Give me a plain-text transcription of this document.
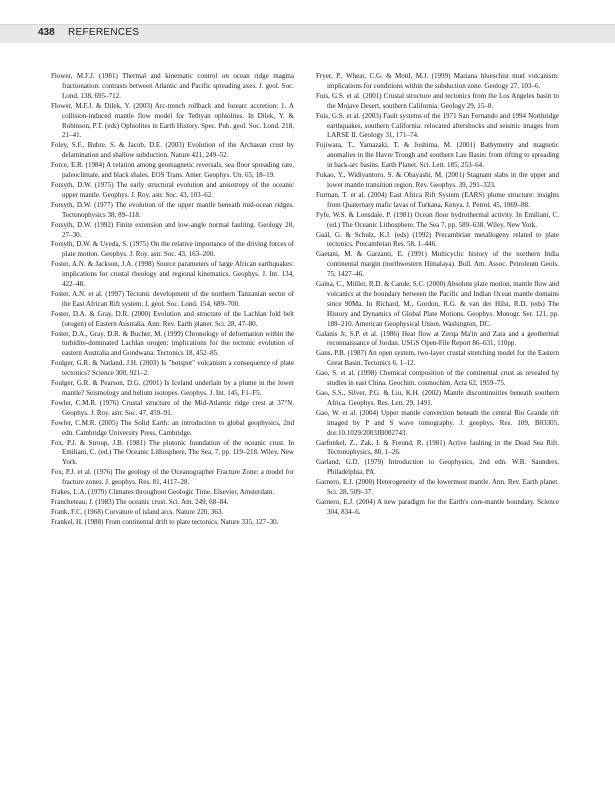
438 REFERENCES

Flower, M.F.J. (1981) Thermal and kinematic control on ocean ridge magma fractionation: contrasts between Atlantic and Pacific spreading axes. J. geol. Soc. Lond. 138, 695–712.

Flower, M.F.J. & Dilek, Y. (2003) Arc-trench rollback and forearc accretion: 1. A collision-induced mantle flow model for Tethyan ophiolites. In Dilek, Y. & Robinson, P.T. (eds) Ophiolites in Earth History. Spec. Pub. geol. Soc. Lond. 218, 21–41.

Foley, S.F., Buhre, S. & Jacob, D.E. (2003) Evolution of the Archaean crust by delamination and shallow subduction. Nature 421, 249–52.

Force, E.R. (1984) A relation among geomagnetic reversals, sea floor spreading rate, paleoclimate, and black shales. EOS Trans. Amer. Geophys. Un. 65, 18–19.

Forsyth, D.W. (1975) The early structural evolution and anisotropy of the oceanic upper mantle. Geophys. J. Roy. astr. Soc. 43, 103–62.

Forsyth, D.W. (1977) The evolution of the upper mantle beneath mid-ocean ridges. Tectonophysics 38, 89–118.

Forsyth, D.W. (1992) Finite extension and low-angle normal faulting. Geology 20, 27–30.

Forsyth, D.W. & Uyeda, S. (1975) On the relative importance of the driving forces of plate motion. Geophys. J. Roy. astr. Soc. 43, 163–200.

Foster, A.N. & Jackson, J.A. (1998) Source parameters of large African earthquakes: implications for crustal rheology and regional kinematics. Geophys. J. Int. 134, 422–48.

Foster, A.N. et al. (1997) Tectonic development of the northern Tanzanian sector of the East African Rift system. J. geol. Soc. Lond. 154, 689–700.

Foster, D.A. & Gray, D.R. (2000) Evolution and structure of the Lachlan fold belt (orogen) of Eastern Australia. Ann. Rev. Earth planet. Sci. 28, 47–80.

Foster, D.A., Gray, D.R. & Bucher, M. (1999) Chronology of deformation within the turbidite-dominated Lachlan orogen: implications for the tectonic evolution of eastern Australia and Gondwana. Tectonics 18, 452–85.

Foulger, G.R. & Natland, J.H. (2003) Is "hotspot" volcanism a consequence of plate tectonics? Science 300, 921–2.

Foulger, G.R. & Pearson, D.G. (2001) Is Iceland underlain by a plume in the lower mantle? Seismology and helium isotopes. Geophys. J. Int. 145, F1–F5.

Fowler, C.M.R. (1976) Crustal structure of the Mid-Atlantic ridge crest at 37°N. Geophys. J. Roy. astr. Soc. 47, 459–91.

Fowler, C.M.R. (2005) The Solid Earth: an introduction to global geophysics, 2nd edn. Cambridge University Press, Cambridge.

Fox, P.J. & Stroup, J.B. (1981) The plutonic foundation of the oceanic crust. In Emiliani, C. (ed.) The Oceanic Lithosphere, The Sea, 7, pp. 119–218. Wiley, New York.

Fox, P.J. et al. (1976) The geology of the Oceanographer Fracture Zone: a model for fracture zones. J. geophys. Res. 81, 4117–28.

Frakes, L.A. (1979) Climates throughout Geologic Time. Elsevier, Amsterdam.

Francheteau, J. (1983) The oceanic crust. Sci. Am. 249, 68–84.

Frank, F.C. (1968) Curvature of island arcs. Nature 220, 363.

Frankel, H. (1988) From continental drift to plate tectonics. Nature 335, 127–30.

Fryer, P., Wheat, C.G. & Mottl, M.J. (1999) Mariana blueschist mud volcanism: implications for conditions within the subduction zone. Geology 27, 103–6.

Fuis, G.S. et al. (2001) Crustal structure and tectonics from the Los Angeles basin to the Mojave Desert, southern California. Geology 29, 15–8.

Fuis, G.S. et al. (2003) Fault systems of the 1971 San Fernando and 1994 Northridge earthquakes, southern California: relocated aftershocks and seismic images from LARSE II. Geology 31, 171–74.

Fujiwara, T., Yamazaki, T. & Joshima, M. (2001) Bathymetry and magnetic anomalies in the Havre Trough and southern Lau Basin: from rifting to spreading in back-arc basins. Earth Planet. Sci. Lett. 185, 253–64.

Fukao, Y., Widiyantoro, S. & Obayashi, M. (2001) Stagnant slabs in the upper and lower mantle transition region. Rev. Geophys. 39, 291–323.

Furman, T. et al. (2004) East Africa Rift System (EARS) plume structure: insights from Quaternary mafic lavas of Turkana, Kenya. J. Petrol. 45, 1069–88.

Fyfe, W.S. & Lonsdale, P. (1981) Ocean floor hydrothermal activity. In Emiliani, C. (ed.) The Oceanic Lithosphere, The Sea 7, pp. 589–638. Wiley, New York.

Gaál, G. & Schulz, K.J. (eds) (1992) Precambrian metallogeny related to plate tectonics. Precambrian Res. 58, 1–446.

Gaetani, M. & Garzanti, E. (1991) Multicyclic history of the northern India continental margin (northwestern Himalaya). Bull. Am. Assoc. Petroleum Geols. 75, 1427–46.

Gaina, C., Müller, R.D. & Cande, S.C. (2000) Absolute plate motion, mantle flow and volcanics at the boundary between the Pacific and Indian Ocean mantle domains since 90Ma. In Richard, M., Gordon, R.G. & van der Hilst, R.D. (eds) The History and Dynamics of Global Plate Motions. Geophys. Monogr. Ser. 121, pp. 189–210. American Geophysical Union, Washington, DC.

Galanis Jr, S.P. et al. (1986) Heat flow at Zerqa Ma'in and Zara and a geothermal reconnaissance of Jordan. USGS Open-File Report 86–631, 110pp.

Gans, P.B. (1987) An open system, two-layer crustal stretching model for the Eastern Great Basin. Tectonics 6, 1–12.

Gao, S. et al. (1998) Chemical composition of the continental crust as revealed by studies in east China. Geochim. cosmochim. Acta 62, 1959–75.

Gao, S.S., Silver, P.G. & Liu, K.H. (2002) Mantle discontinuities beneath southern Africa. Geophys. Res. Lett. 29, 1491.

Gao, W. et al. (2004) Upper mantle convection beneath the central Rio Grande rift imaged by P and S wave tomography. J. geophys. Res. 109, B03305, doi:10.1029/2003JB002743.

Garfunkel, Z., Zak, I. & Freund, R. (1981) Active faulting in the Dead Sea Rift. Tectonophysics, 80, 1–26.

Garland, G.D. (1979) Introduction to Geophysics, 2nd edn. W.B. Saunders, Philadelphia, PA.

Garnero, E.J. (2000) Heterogeneity of the lowermost mantle. Ann. Rev. Earth planet. Sci. 28, 509–37.

Garnero, E.J. (2004) A new paradigm for the Earth's core-mantle boundary. Science 304, 834–6.
